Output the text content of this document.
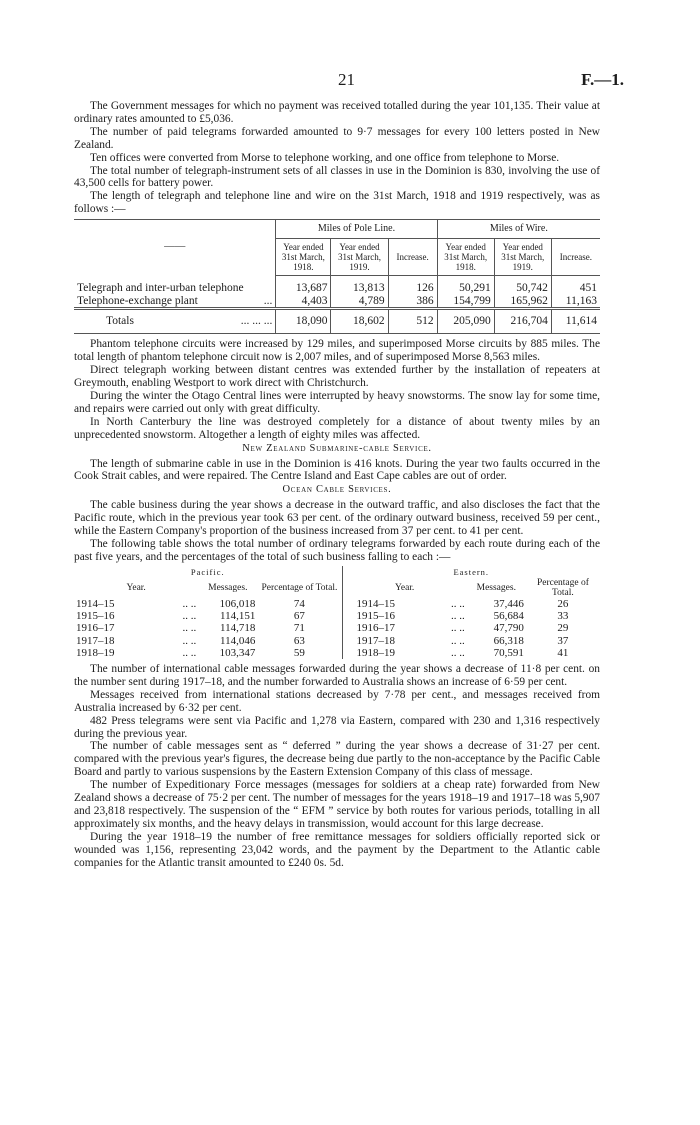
21	F.—1.

The Government messages for which no payment was received totalled during the year 101,135. Their value at ordinary rates amounted to £5,036.

The number of paid telegrams forwarded amounted to 9·7 messages for every 100 letters posted in New Zealand.

Ten offices were converted from Morse to telephone working, and one office from telephone to Morse.

The total number of telegraph-instrument sets of all classes in use in the Dominion is 830, involving the use of 43,500 cells for battery power.

The length of telegraph and telephone line and wire on the 31st March, 1918 and 1919 respectively, was as follows :—

——	Miles of Pole Line.			Miles of Wire.		
	Year ended 31st March, 1918.	Year ended 31st March, 1919.	Increase.	Year ended 31st March, 1918.	Year ended 31st March, 1919.	Increase.

Telegraph and inter-urban telephone	13,687	13,813	126	50,291	50,742	451
Telephone-exchange plant ...	4,403	4,789	386	154,799	165,962	11,163
Totals ... ... ...	18,090	18,602	512	205,090	216,704	11,614

Phantom telephone circuits were increased by 129 miles, and superimposed Morse circuits by 885 miles. The total length of phantom telephone circuit now is 2,007 miles, and of superimposed Morse 8,563 miles.

Direct telegraph working between distant centres was extended further by the installation of repeaters at Greymouth, enabling Westport to work direct with Christchurch.

During the winter the Otago Central lines were interrupted by heavy snowstorms. The snow lay for some time, and repairs were carried out only with great difficulty.

In North Canterbury the line was destroyed completely for a distance of about twenty miles by an unprecedented snowstorm. Altogether a length of eighty miles was affected.

New Zealand Submarine-cable Service.

The length of submarine cable in use in the Dominion is 416 knots. During the year two faults occurred in the Cook Strait cables, and were repaired. The Centre Island and East Cape cables are out of order.

Ocean Cable Services.

The cable business during the year shows a decrease in the outward traffic, and also discloses the fact that the Pacific route, which in the previous year took 63 per cent. of the ordinary outward business, received 59 per cent., while the Eastern Company's proportion of the business increased from 37 per cent. to 41 per cent.

The following table shows the total number of ordinary telegrams forwarded by each route during each of the past five years, and the percentages of the total of such business falling to each :—

Pacific.			Eastern.		
Year.	Messages.	Percentage of Total.	Year.	Messages.	Percentage of Total.
1914–15 .. ..	106,018	74	1914–15 .. ..	37,446	26
1915–16 .. ..	114,151	67	1915–16 .. ..	56,684	33
1916–17 .. ..	114,718	71	1916–17 .. ..	47,790	29
1917–18 .. ..	114,046	63	1917–18 .. ..	66,318	37
1918–19 .. ..	103,347	59	1918–19 .. ..	70,591	41

The number of international cable messages forwarded during the year shows a decrease of 11·8 per cent. on the number sent during 1917–18, and the number forwarded to Australia shows an increase of 6·59 per cent.

Messages received from international stations decreased by 7·78 per cent., and messages received from Australia increased by 6·32 per cent.

482 Press telegrams were sent via Pacific and 1,278 via Eastern, compared with 230 and 1,316 respectively during the previous year.

The number of cable messages sent as “ deferred ” during the year shows a decrease of 31·27 per cent. compared with the previous year's figures, the decrease being due partly to the non-acceptance by the Pacific Cable Board and partly to various suspensions by the Eastern Extension Company of this class of message.

The number of Expeditionary Force messages (messages for soldiers at a cheap rate) forwarded from New Zealand shows a decrease of 75·2 per cent. The number of messages for the years 1918–19 and 1917–18 was 5,907 and 23,818 respectively. The suspension of the “ EFM ” service by both routes for various periods, totalling in all approximately six months, and the heavy delays in transmission, would account for this large decrease.

During the year 1918–19 the number of free remittance messages for soldiers officially reported sick or wounded was 1,156, representing 23,042 words, and the payment by the Department to the Atlantic cable companies for the Atlantic transit amounted to £240 0s. 5d.
